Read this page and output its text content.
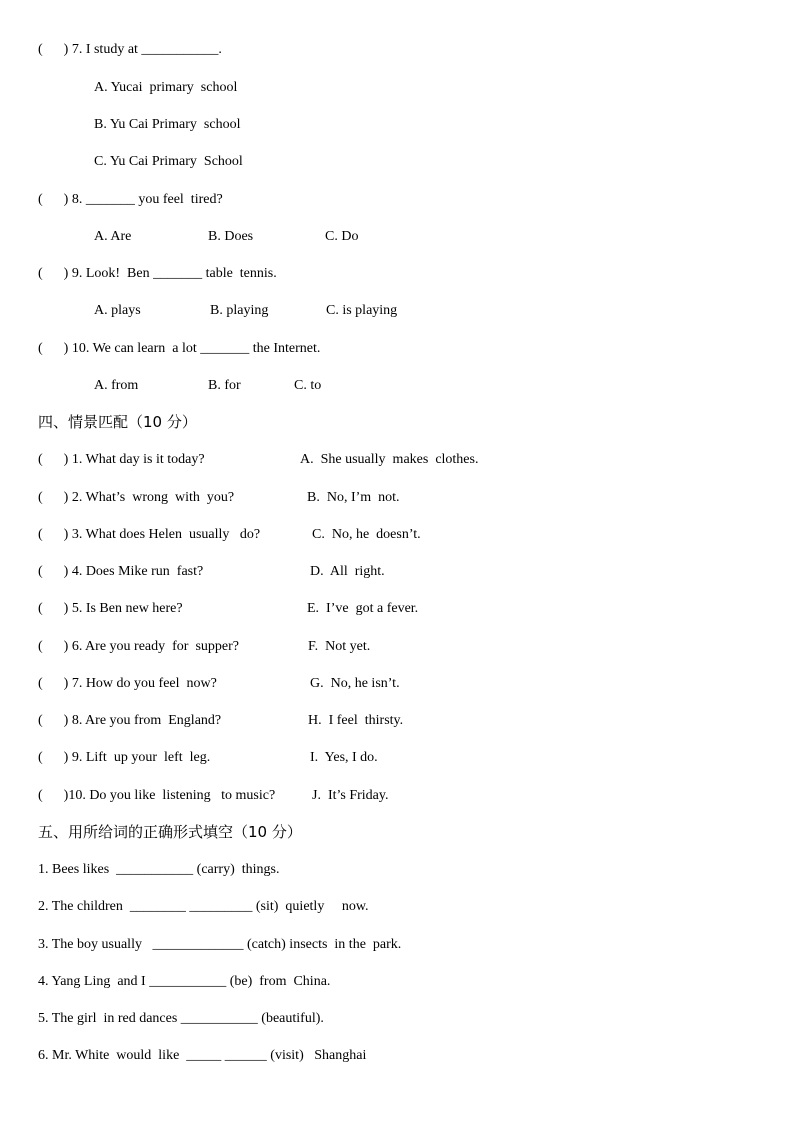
(      ) 7. I study at ___________.
A. Yucai  primary  school
B. Yu Cai Primary  school
C. Yu Cai Primary  School
(      ) 8. _______ you feel  tired?
A. Are	B. Does	C. Do
(      ) 9. Look!  Ben _______ table  tennis.
A. plays	B. playing	C. is playing
(      ) 10. We can learn  a lot _______ the Internet.
A. from	B. for	C. to
四、情景匹配（10 分）
(      ) 1. What day is it today?	A.  She usually  makes  clothes.
(      ) 2. What’s  wrong  with  you?	B.  No, I’m  not.
(      ) 3. What does Helen  usually   do?	C.  No, he  doesn’t.
(      ) 4. Does Mike run  fast?	D.  All  right.
(      ) 5. Is Ben new here?	E.  I’ve  got a fever.
(      ) 6. Are you ready  for  supper?	F.  Not yet.
(      ) 7. How do you feel  now?	G.  No, he isn’t.
(      ) 8. Are you from  England?	H.  I feel  thirsty.
(      ) 9. Lift  up your  left  leg.	I.  Yes, I do.
(      )10. Do you like  listening   to music?	J.  It’s Friday.
五、用所给词的正确形式填空（10 分）
1. Bees likes  ___________ (carry)  things.
2. The children  ________ _________ (sit)  quietly     now.
3. The boy usually   _____________ (catch) insects  in the  park.
4. Yang Ling  and I ___________ (be)  from  China.
5. The girl  in red dances ___________ (beautiful).
6. Mr. White  would  like  _____ ______ (visit)   Shanghai
